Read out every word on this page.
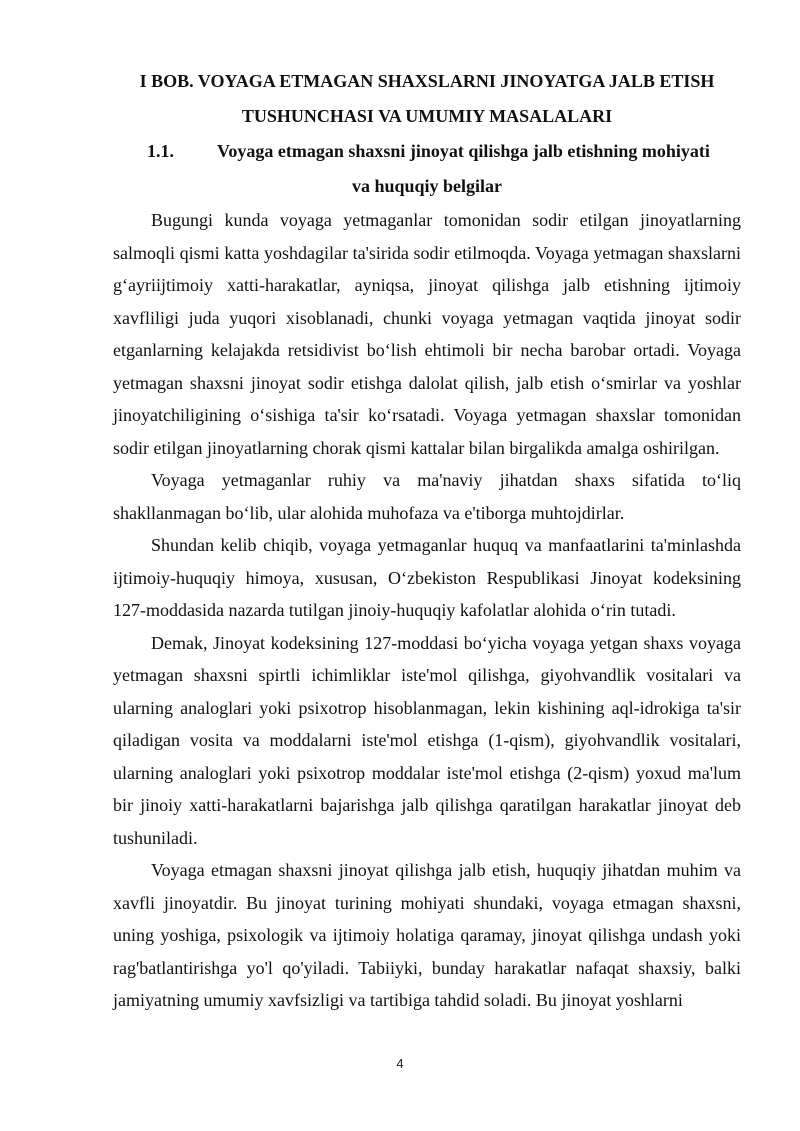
I BOB. VOYAGA ETMAGAN SHAXSLARNI JINOYATGA JALB ETISH
TUSHUNCHASI VA UMUMIY MASALALARI
1.1. Voyaga etmagan shaxsni jinoyat qilishga jalb etishning mohiyati
va huquqiy belgilar

Bugungi kunda voyaga yetmaganlar tomonidan sodir etilgan jinoyatlarning salmoqli qismi katta yoshdagilar ta'sirida sodir etilmoqda. Voyaga yetmagan shaxslarni g‘ayriijtimoiy xatti-harakatlar, ayniqsa, jinoyat qilishga jalb etishning ijtimoiy xavfliligi juda yuqori xisoblanadi, chunki voyaga yetmagan vaqtida jinoyat sodir etganlarning kelajakda retsidivist bo‘lish ehtimoli bir necha barobar ortadi. Voyaga yetmagan shaxsni jinoyat sodir etishga dalolat qilish, jalb etish o‘smirlar va yoshlar jinoyatchiligining o‘sishiga ta'sir ko‘rsatadi. Voyaga yetmagan shaxslar tomonidan sodir etilgan jinoyatlarning chorak qismi kattalar bilan birgalikda amalga oshirilgan.

Voyaga yetmaganlar ruhiy va ma'naviy jihatdan shaxs sifatida to‘liq shakllanmagan bo‘lib, ular alohida muhofaza va e'tiborga muhtojdirlar.

Shundan kelib chiqib, voyaga yetmaganlar huquq va manfaatlarini ta'minlashda ijtimoiy-huquqiy himoya, xususan, O‘zbekiston Respublikasi Jinoyat kodeksining 127-moddasida nazarda tutilgan jinoiy-huquqiy kafolatlar alohida o‘rin tutadi.

Demak, Jinoyat kodeksining 127-moddasi bo‘yicha voyaga yetgan shaxs voyaga yetmagan shaxsni spirtli ichimliklar iste'mol qilishga, giyohvandlik vositalari va ularning analoglari yoki psixotrop hisoblanmagan, lekin kishining aql-idrokiga ta'sir qiladigan vosita va moddalarni iste'mol etishga (1-qism), giyohvandlik vositalari, ularning analoglari yoki psixotrop moddalar iste'mol etishga (2-qism) yoxud ma'lum bir jinoiy xatti-harakatlarni bajarishga jalb qilishga qaratilgan harakatlar jinoyat deb tushuniladi.

Voyaga etmagan shaxsni jinoyat qilishga jalb etish, huquqiy jihatdan muhim va xavfli jinoyatdir. Bu jinoyat turining mohiyati shundaki, voyaga etmagan shaxsni, uning yoshiga, psixologik va ijtimoiy holatiga qaramay, jinoyat qilishga undash yoki rag'batlantirishga yo'l qo'yiladi. Tabiiyki, bunday harakatlar nafaqat shaxsiy, balki jamiyatning umumiy xavfsizligi va tartibiga tahdid soladi. Bu jinoyat yoshlarni

4
